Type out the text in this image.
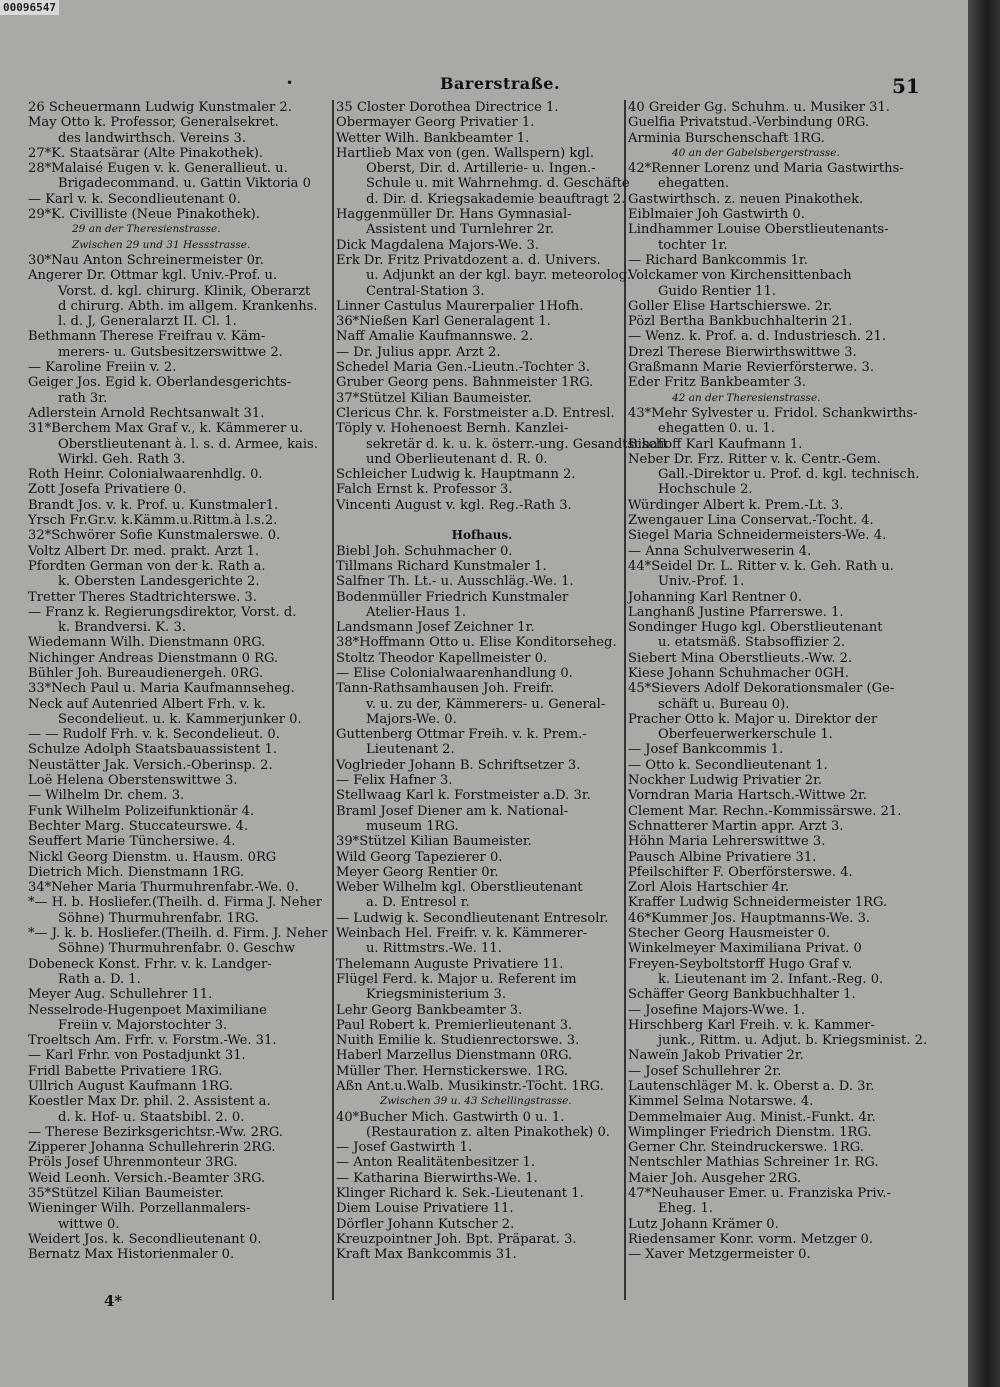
00096547
•	Barerstraße.	51
26 Scheuermann Ludwig Kunstmaler 2.
May Otto k. Professor, Generalsekret.
des landwirthsch. Vereins 3.
27*K. Staatsärar (Alte Pinakothek).
28*Malaisé Eugen v. k. Generallieut. u.
Brigadecommand. u. Gattin Viktoria 0
— Karl v. k. Secondlieutenant 0.
29*K. Civilliste (Neue Pinakothek).
29 an der Theresienstrasse.
Zwischen 29 und 31 Hessstrasse.
30*Nau Anton Schreinermeister 0r.
Angerer Dr. Ottmar kgl. Univ.-Prof. u.
Vorst. d. kgl. chirurg. Klinik, Oberarzt
d chirurg. Abth. im allgem. Krankenhs.
l. d. J, Generalarzt II. Cl. 1.
Bethmann Therese Freifrau v. Käm-
merers- u. Gutsbesitzerswittwe 2.
— Karoline Freiin v. 2.
Geiger Jos. Egid k. Oberlandesgerichts-
rath 3r.
Adlerstein Arnold Rechtsanwalt 31.
31*Berchem Max Graf v., k. Kämmerer u.
Oberstlieutenant à. l. s. d. Armee, kais.
Wirkl. Geh. Rath 3.
Roth Heinr. Colonialwaarenhdlg. 0.
Zott Josefa Privatiere 0.
Brandt Jos. v. k. Prof. u. Kunstmaler1.
Yrsch Fr.Gr.v. k.Kämm.u.Rittm.à l.s.2.
32*Schwörer Sofie Kunstmalerswe. 0.
Voltz Albert Dr. med. prakt. Arzt 1.
Pfordten German von der k. Rath a.
k. Obersten Landesgerichte 2.
Tretter Theres Stadtrichterswe. 3.
— Franz k. Regierungsdirektor, Vorst. d.
k. Brandversi. K. 3.
Wiedemann Wilh. Dienstmann 0RG.
Nichinger Andreas Dienstmann 0 RG.
Bühler Joh. Bureaudienergeh. 0RG.
33*Nech Paul u. Maria Kaufmannseheg.
Neck auf Autenried Albert Frh. v. k.
Secondelieut. u. k. Kammerjunker 0.
— — Rudolf Frh. v. k. Secondelieut. 0.
Schulze Adolph Staatsbauassistent 1.
Neustätter Jak. Versich.-Oberinsp. 2.
Loë Helena Oberstenswittwe 3.
— Wilhelm Dr. chem. 3.
Funk Wilhelm Polizeifunktionär 4.
Bechter Marg. Stuccateurswe. 4.
Seuffert Marie Tünchersiwe. 4.
Nickl Georg Dienstm. u. Hausm. 0RG
Dietrich Mich. Dienstmann 1RG.
34*Neher Maria Thurmuhrenfabr.-We. 0.
*— H. b. Hosliefer.(Theilh. d. Firma J. Neher
Söhne) Thurmuhrenfabr. 1RG.
*— J. k. b. Hosliefer.(Theilh. d. Firm. J. Neher
Söhne) Thurmuhrenfabr. 0. Geschw
Dobeneck Konst. Frhr. v. k. Landger-
Rath a. D. 1.
Meyer Aug. Schullehrer 11.
Nesselrode-Hugenpoet Maximiliane
Freiin v. Majorstochter 3.
Troeltsch Am. Frfr. v. Forstm.-We. 31.
— Karl Frhr. von Postadjunkt 31.
Fridl Babette Privatiere 1RG.
Ullrich August Kaufmann 1RG.
Koestler Max Dr. phil. 2. Assistent a.
d. k. Hof- u. Staatsbibl. 2. 0.
— Therese Bezirksgerichtsr.-Ww. 2RG.
Zipperer Johanna Schullehrerin 2RG.
Pröls Josef Uhrenmonteur 3RG.
Weid Leonh. Versich.-Beamter 3RG.
35*Stützel Kilian Baumeister.
Wieninger Wilh. Porzellanmalers-
wittwe 0.
Weidert Jos. k. Secondlieutenant 0.
Bernatz Max Historienmaler 0.
35 Closter Dorothea Directrice 1.
Obermayer Georg Privatier 1.
Wetter Wilh. Bankbeamter 1.
Hartlieb Max von (gen. Wallspern) kgl.
Oberst, Dir. d. Artillerie- u. Ingen.-
Schule u. mit Wahrnehmg. d. Geschäfte
d. Dir. d. Kriegsakademie beauftragt 2.
Haggenmüller Dr. Hans Gymnasial-
Assistent und Turnlehrer 2r.
Dick Magdalena Majors-We. 3.
Erk Dr. Fritz Privatdozent a. d. Univers.
u. Adjunkt an der kgl. bayr. meteorolog.
Central-Station 3.
Linner Castulus Maurerpalier 1Hofh.
36*Nießen Karl Generalagent 1.
Naff Amalie Kaufmannswe. 2.
— Dr. Julius appr. Arzt 2.
Schedel Maria Gen.-Lieutn.-Tochter 3.
Gruber Georg pens. Bahnmeister 1RG.
37*Stützel Kilian Baumeister.
Clericus Chr. k. Forstmeister a.D. Entresl.
Töply v. Hohenoest Bernh. Kanzlei-
sekretär d. k. u. k. österr.-ung. Gesandtschaft
und Oberlieutenant d. R. 0.
Schleicher Ludwig k. Hauptmann 2.
Falch Ernst k. Professor 3.
Vincenti August v. kgl. Reg.-Rath 3.
Hofhaus.
Biebl Joh. Schuhmacher 0.
Tillmans Richard Kunstmaler 1.
Salfner Th. Lt.- u. Ausschläg.-We. 1.
Bodenmüller Friedrich Kunstmaler
Atelier-Haus 1.
Landsmann Josef Zeichner 1r.
38*Hoffmann Otto u. Elise Konditorseheg.
Stoltz Theodor Kapellmeister 0.
— Elise Colonialwaarenhandlung 0.
Tann-Rathsamhausen Joh. Freifr.
v. u. zu der, Kämmerers- u. General-
Majors-We. 0.
Guttenberg Ottmar Freih. v. k. Prem.-
Lieutenant 2.
Voglrieder Johann B. Schriftsetzer 3.
— Felix Hafner 3.
Stellwaag Karl k. Forstmeister a.D. 3r.
Braml Josef Diener am k. National-
museum 1RG.
39*Stützel Kilian Baumeister.
Wild Georg Tapezierer 0.
Meyer Georg Rentier 0r.
Weber Wilhelm kgl. Oberstlieutenant
a. D. Entresol r.
— Ludwig k. Secondlieutenant Entresolr.
Weinbach Hel. Freifr. v. k. Kämmerer-
u. Rittmstrs.-We. 11.
Thelemann Auguste Privatiere 11.
Flügel Ferd. k. Major u. Referent im
Kriegsministerium 3.
Lehr Georg Bankbeamter 3.
Paul Robert k. Premierlieutenant 3.
Nuith Emilie k. Studienrectorswe. 3.
Haberl Marzellus Dienstmann 0RG.
Müller Ther. Hernstickerswe. 1RG.
Aßn Ant.u.Walb. Musikinstr.-Töcht. 1RG.
Zwischen 39 u. 43 Schellingstrasse.
40*Bucher Mich. Gastwirth 0 u. 1.
(Restauration z. alten Pinakothek) 0.
— Josef Gastwirth 1.
— Anton Realitätenbesitzer 1.
— Katharina Bierwirths-We. 1.
Klinger Richard k. Sek.-Lieutenant 1.
Diem Louise Privatiere 11.
Dörfler Johann Kutscher 2.
Kreuzpointner Joh. Bpt. Präparat. 3.
Kraft Max Bankcommis 31.
40 Greider Gg. Schuhm. u. Musiker 31.
Guelfia Privatstud.-Verbindung 0RG.
Arminia Burschenschaft 1RG.
40 an der Gabelsbergerstrasse.
42*Renner Lorenz und Maria Gastwirths-
ehegatten.
Gastwirthsch. z. neuen Pinakothek.
Eiblmaier Joh Gastwirth 0.
Lindhammer Louise Oberstlieutenants-
tochter 1r.
— Richard Bankcommis 1r.
Volckamer von Kirchensittenbach
Guido Rentier 11.
Goller Elise Hartschierswe. 2r.
Pözl Bertha Bankbuchhalterin 21.
— Wenz. k. Prof. a. d. Industriesch. 21.
Drezl Therese Bierwirthswittwe 3.
Graßmann Marie Revierförsterwe. 3.
Eder Fritz Bankbeamter 3.
42 an der Theresienstrasse.
43*Mehr Sylvester u. Fridol. Schankwirths-
ehegatten 0. u. 1.
Bischoff Karl Kaufmann 1.
Neber Dr. Frz. Ritter v. k. Centr.-Gem.
Gall.-Direktor u. Prof. d. kgl. technisch.
Hochschule 2.
Würdinger Albert k. Prem.-Lt. 3.
Zwengauer Lina Conservat.-Tocht. 4.
Siegel Maria Schneidermeisters-We. 4.
— Anna Schulverweserin 4.
44*Seidel Dr. L. Ritter v. k. Geh. Rath u.
Univ.-Prof. 1.
Johanning Karl Rentner 0.
Langhanß Justine Pfarrerswe. 1.
Sondinger Hugo kgl. Oberstlieutenant
u. etatsmäß. Stabsoffizier 2.
Siebert Mina Oberstlieuts.-Ww. 2.
Kiese Johann Schuhmacher 0GH.
45*Sievers Adolf Dekorationsmaler (Ge-
schäft u. Bureau 0).
Pracher Otto k. Major u. Direktor der
Oberfeuerwerkerschule 1.
— Josef Bankcommis 1.
— Otto k. Secondlieutenant 1.
Nockher Ludwig Privatier 2r.
Vorndran Maria Hartsch.-Wittwe 2r.
Clement Mar. Rechn.-Kommissärswe. 21.
Schnatterer Martin appr. Arzt 3.
Höhn Maria Lehrerswittwe 3.
Pausch Albine Privatiere 31.
Pfeilschifter F. Oberförsterswe. 4.
Zorl Alois Hartschier 4r.
Kraffer Ludwig Schneidermeister 1RG.
46*Kummer Jos. Hauptmanns-We. 3.
Stecher Georg Hausmeister 0.
Winkelmeyer Maximiliana Privat. 0
Freyen-Seyboltstorff Hugo Graf v.
k. Lieutenant im 2. Infant.-Reg. 0.
Schäffer Georg Bankbuchhalter 1.
— Josefine Majors-Wwe. 1.
Hirschberg Karl Freih. v. k. Kammer-
junk., Rittm. u. Adjut. b. Kriegsminist. 2.
Naweïn Jakob Privatier 2r.
— Josef Schullehrer 2r.
Lautenschläger M. k. Oberst a. D. 3r.
Kimmel Selma Notarswe. 4.
Demmelmaier Aug. Minist.-Funkt. 4r.
Wimplinger Friedrich Dienstm. 1RG.
Gerner Chr. Steindruckerswe. 1RG.
Nentschler Mathias Schreiner 1r. RG.
Maier Joh. Ausgeher 2RG.
47*Neuhauser Emer. u. Franziska Priv.-
Eheg. 1.
Lutz Johann Krämer 0.
Riedensamer Konr. vorm. Metzger 0.
— Xaver Metzgermeister 0.
4*
